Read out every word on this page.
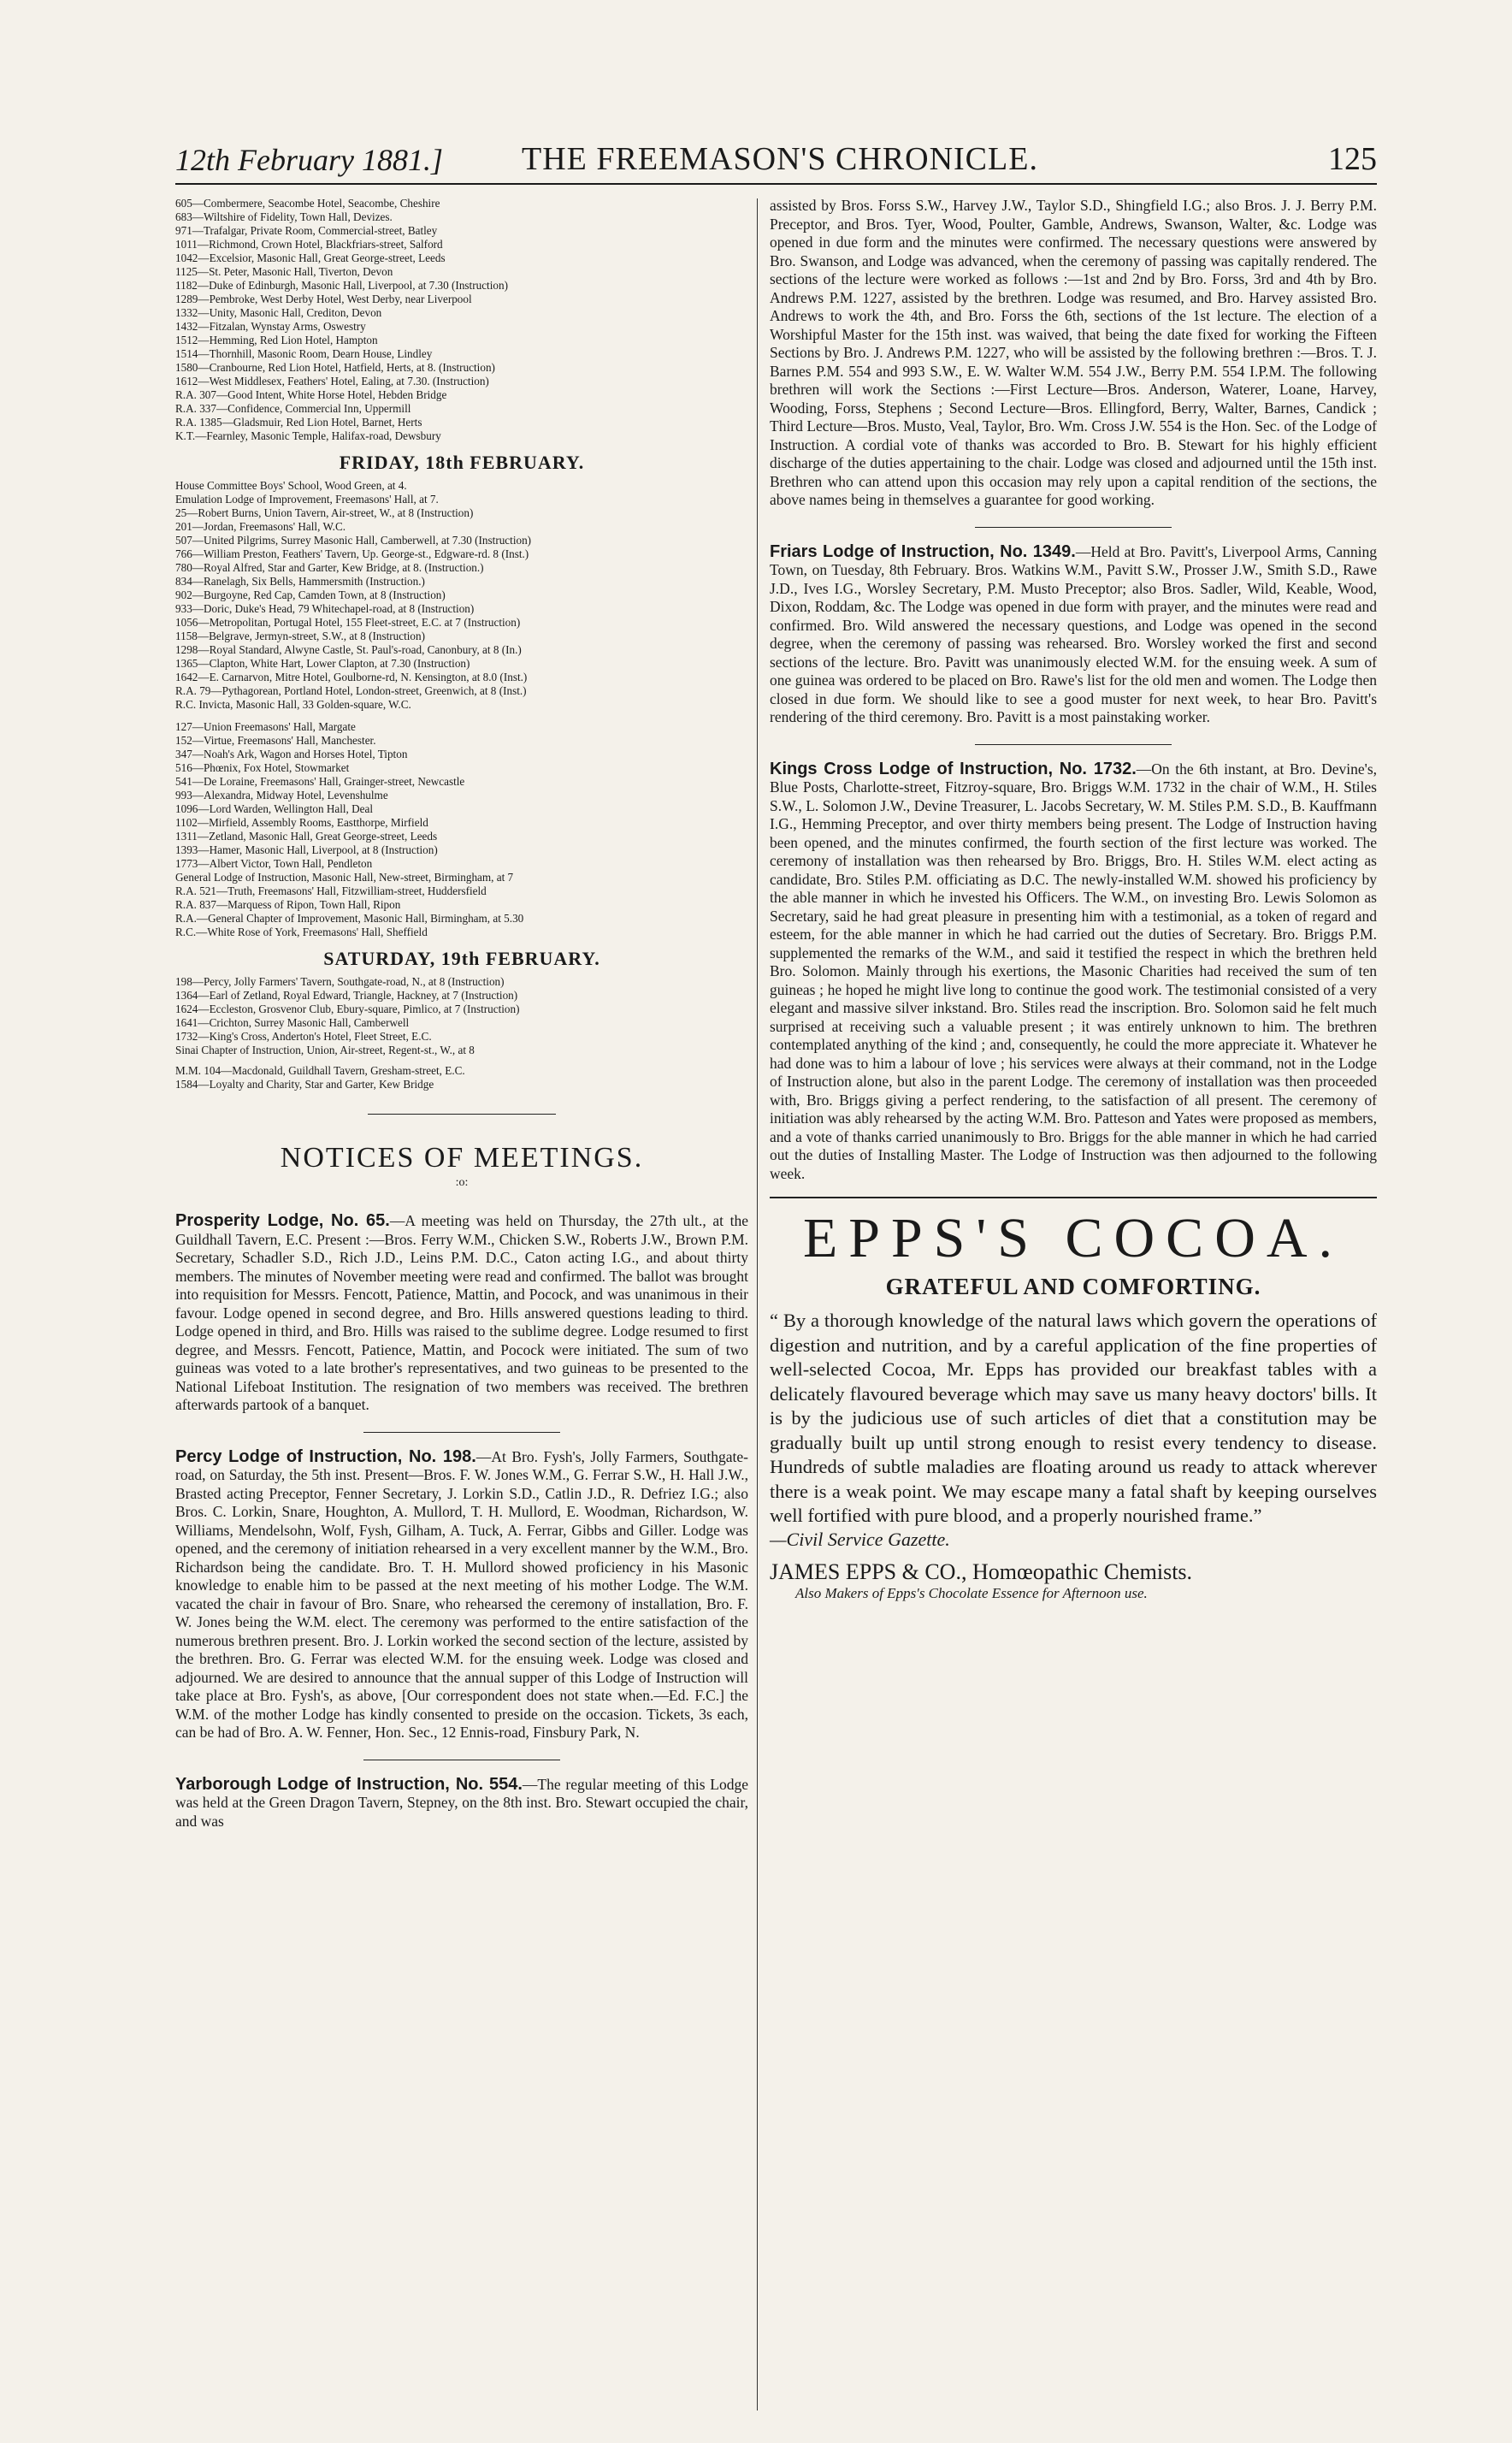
12th February 1881.] THE FREEMASON'S CHRONICLE.	125
605—Combermere, Seacombe Hotel, Seacombe, Cheshire
683—Wiltshire of Fidelity, Town Hall, Devizes.
971—Trafalgar, Private Room, Commercial-street, Batley
1011—Richmond, Crown Hotel, Blackfriars-street, Salford
1042—Excelsior, Masonic Hall, Great George-street, Leeds
1125—St. Peter, Masonic Hall, Tiverton, Devon
1182—Duke of Edinburgh, Masonic Hall, Liverpool, at 7.30 (Instruction)
1289—Pembroke, West Derby Hotel, West Derby, near Liverpool
1332—Unity, Masonic Hall, Crediton, Devon
1432—Fitzalan, Wynstay Arms, Oswestry
1512—Hemming, Red Lion Hotel, Hampton
1514—Thornhill, Masonic Room, Dearn House, Lindley
1580—Cranbourne, Red Lion Hotel, Hatfield, Herts, at 8. (Instruction)
1612—West Middlesex, Feathers' Hotel, Ealing, at 7.30. (Instruction)
R.A. 307—Good Intent, White Horse Hotel, Hebden Bridge
R.A. 337—Confidence, Commercial Inn, Uppermill
R.A. 1385—Gladsmuir, Red Lion Hotel, Barnet, Herts
K.T.—Fearnley, Masonic Temple, Halifax-road, Dewsbury
FRIDAY, 18th FEBRUARY.
House Committee Boys' School, Wood Green, at 4.
Emulation Lodge of Improvement, Freemasons' Hall, at 7.
25—Robert Burns, Union Tavern, Air-street, W., at 8 (Instruction)
201—Jordan, Freemasons' Hall, W.C.
507—United Pilgrims, Surrey Masonic Hall, Camberwell, at 7.30 (Instruction)
766—William Preston, Feathers' Tavern, Up. George-st., Edgware-rd. 8 (Inst.)
780—Royal Alfred, Star and Garter, Kew Bridge, at 8. (Instruction.)
834—Ranelagh, Six Bells, Hammersmith (Instruction.)
902—Burgoyne, Red Cap, Camden Town, at 8 (Instruction)
933—Doric, Duke's Head, 79 Whitechapel-road, at 8 (Instruction)
1056—Metropolitan, Portugal Hotel, 155 Fleet-street, E.C. at 7 (Instruction)
1158—Belgrave, Jermyn-street, S.W., at 8 (Instruction)
1298—Royal Standard, Alwyne Castle, St. Paul's-road, Canonbury, at 8 (In.)
1365—Clapton, White Hart, Lower Clapton, at 7.30 (Instruction)
1642—E. Carnarvon, Mitre Hotel, Goulborne-rd, N. Kensington, at 8.0 (Inst.)
R.A. 79—Pythagorean, Portland Hotel, London-street, Greenwich, at 8 (Inst.)
R.C. Invicta, Masonic Hall, 33 Golden-square, W.C.
127—Union Freemasons' Hall, Margate
152—Virtue, Freemasons' Hall, Manchester.
347—Noah's Ark, Wagon and Horses Hotel, Tipton
516—Phœnix, Fox Hotel, Stowmarket
541—De Loraine, Freemasons' Hall, Grainger-street, Newcastle
993—Alexandra, Midway Hotel, Levenshulme
1096—Lord Warden, Wellington Hall, Deal
1102—Mirfield, Assembly Rooms, Eastthorpe, Mirfield
1311—Zetland, Masonic Hall, Great George-street, Leeds
1393—Hamer, Masonic Hall, Liverpool, at 8 (Instruction)
1773—Albert Victor, Town Hall, Pendleton
General Lodge of Instruction, Masonic Hall, New-street, Birmingham, at 7
R.A. 521—Truth, Freemasons' Hall, Fitzwilliam-street, Huddersfield
R.A. 837—Marquess of Ripon, Town Hall, Ripon
R.A.—General Chapter of Improvement, Masonic Hall, Birmingham, at 5.30
R.C.—White Rose of York, Freemasons' Hall, Sheffield
SATURDAY, 19th FEBRUARY.
198—Percy, Jolly Farmers' Tavern, Southgate-road, N., at 8 (Instruction)
1364—Earl of Zetland, Royal Edward, Triangle, Hackney, at 7 (Instruction)
1624—Eccleston, Grosvenor Club, Ebury-square, Pimlico, at 7 (Instruction)
1641—Crichton, Surrey Masonic Hall, Camberwell
1732—King's Cross, Anderton's Hotel, Fleet Street, E.C.
Sinai Chapter of Instruction, Union, Air-street, Regent-st., W., at 8
M.M. 104—Macdonald, Guildhall Tavern, Gresham-street, E.C.
1584—Loyalty and Charity, Star and Garter, Kew Bridge
NOTICES OF MEETINGS.
:o:

Prosperity Lodge, No. 65.—A meeting was held on Thursday, the 27th ult., at the Guildhall Tavern, E.C. Present :—Bros. Ferry W.M., Chicken S.W., Roberts J.W., Brown P.M. Secretary, Schadler S.D., Rich J.D., Leins P.M. D.C., Caton acting I.G., and about thirty members. The minutes of November meeting were read and confirmed. The ballot was brought into requisition for Messrs. Fencott, Patience, Mattin, and Pocock, and was unanimous in their favour. Lodge opened in second degree, and Bro. Hills answered questions leading to third. Lodge opened in third, and Bro. Hills was raised to the sublime degree. Lodge resumed to first degree, and Messrs. Fencott, Patience, Mattin, and Pocock were initiated. The sum of two guineas was voted to a late brother's representatives, and two guineas to be presented to the National Lifeboat Institution. The resignation of two members was received. The brethren afterwards partook of a banquet.

Percy Lodge of Instruction, No. 198.—At Bro. Fysh's, Jolly Farmers, Southgate-road, on Saturday, the 5th inst. Present—Bros. F. W. Jones W.M., G. Ferrar S.W., H. Hall J.W., Brasted acting Preceptor, Fenner Secretary, J. Lorkin S.D., Catlin J.D., R. Defriez I.G.; also Bros. C. Lorkin, Snare, Houghton, A. Mullord, T. H. Mullord, E. Woodman, Richardson, W. Williams, Mendelsohn, Wolf, Fysh, Gilham, A. Tuck, A. Ferrar, Gibbs and Giller. Lodge was opened, and the ceremony of initiation rehearsed in a very excellent manner by the W.M., Bro. Richardson being the candidate. Bro. T. H. Mullord showed proficiency in his Masonic knowledge to enable him to be passed at the next meeting of his mother Lodge. The W.M. vacated the chair in favour of Bro. Snare, who rehearsed the ceremony of installation, Bro. F. W. Jones being the W.M. elect. The ceremony was performed to the entire satisfaction of the numerous brethren present. Bro. J. Lorkin worked the second section of the lecture, assisted by the brethren. Bro. G. Ferrar was elected W.M. for the ensuing week. Lodge was closed and adjourned. We are desired to announce that the annual supper of this Lodge of Instruction will take place at Bro. Fysh's, as above, [Our correspondent does not state when.—Ed. F.C.] the W.M. of the mother Lodge has kindly consented to preside on the occasion. Tickets, 3s each, can be had of Bro. A. W. Fenner, Hon. Sec., 12 Ennis-road, Finsbury Park, N.

Yarborough Lodge of Instruction, No. 554.—The regular meeting of this Lodge was held at the Green Dragon Tavern, Stepney, on the 8th inst. Bro. Stewart occupied the chair, and was

assisted by Bros. Forss S.W., Harvey J.W., Taylor S.D., Shingfield I.G.; also Bros. J. J. Berry P.M. Preceptor, and Bros. Tyer, Wood, Poulter, Gamble, Andrews, Swanson, Walter, &c. Lodge was opened in due form and the minutes were confirmed. The necessary questions were answered by Bro. Swanson, and Lodge was advanced, when the ceremony of passing was capitally rendered. The sections of the lecture were worked as follows :—1st and 2nd by Bro. Forss, 3rd and 4th by Bro. Andrews P.M. 1227, assisted by the brethren. Lodge was resumed, and Bro. Harvey assisted Bro. Andrews to work the 4th, and Bro. Forss the 6th, sections of the 1st lecture. The election of a Worshipful Master for the 15th inst. was waived, that being the date fixed for working the Fifteen Sections by Bro. J. Andrews P.M. 1227, who will be assisted by the following brethren :—Bros. T. J. Barnes P.M. 554 and 993 S.W., E. W. Walter W.M. 554 J.W., Berry P.M. 554 I.P.M. The following brethren will work the Sections :—First Lecture—Bros. Anderson, Waterer, Loane, Harvey, Wooding, Forss, Stephens ; Second Lecture—Bros. Ellingford, Berry, Walter, Barnes, Candick ; Third Lecture—Bros. Musto, Veal, Taylor, Bro. Wm. Cross J.W. 554 is the Hon. Sec. of the Lodge of Instruction. A cordial vote of thanks was accorded to Bro. B. Stewart for his highly efficient discharge of the duties appertaining to the chair. Lodge was closed and adjourned until the 15th inst. Brethren who can attend upon this occasion may rely upon a capital rendition of the sections, the above names being in themselves a guarantee for good working.

Friars Lodge of Instruction, No. 1349.—Held at Bro. Pavitt's, Liverpool Arms, Canning Town, on Tuesday, 8th February. Bros. Watkins W.M., Pavitt S.W., Prosser J.W., Smith S.D., Rawe J.D., Ives I.G., Worsley Secretary, P.M. Musto Preceptor; also Bros. Sadler, Wild, Keable, Wood, Dixon, Roddam, &c. The Lodge was opened in due form with prayer, and the minutes were read and confirmed. Bro. Wild answered the necessary questions, and Lodge was opened in the second degree, when the ceremony of passing was rehearsed. Bro. Worsley worked the first and second sections of the lecture. Bro. Pavitt was unanimously elected W.M. for the ensuing week. A sum of one guinea was ordered to be placed on Bro. Rawe's list for the old men and women. The Lodge then closed in due form. We should like to see a good muster for next week, to hear Bro. Pavitt's rendering of the third ceremony. Bro. Pavitt is a most painstaking worker.

Kings Cross Lodge of Instruction, No. 1732.—On the 6th instant, at Bro. Devine's, Blue Posts, Charlotte-street, Fitzroy-square, Bro. Briggs W.M. 1732 in the chair of W.M., H. Stiles S.W., L. Solomon J.W., Devine Treasurer, L. Jacobs Secretary, W. M. Stiles P.M. S.D., B. Kauffmann I.G., Hemming Preceptor, and over thirty members being present. The Lodge of Instruction having been opened, and the minutes confirmed, the fourth section of the first lecture was worked. The ceremony of installation was then rehearsed by Bro. Briggs, Bro. H. Stiles W.M. elect acting as candidate, Bro. Stiles P.M. officiating as D.C. The newly-installed W.M. showed his proficiency by the able manner in which he invested his Officers. The W.M., on investing Bro. Lewis Solomon as Secretary, said he had great pleasure in presenting him with a testimonial, as a token of regard and esteem, for the able manner in which he had carried out the duties of Secretary. Bro. Briggs P.M. supplemented the remarks of the W.M., and said it testified the respect in which the brethren held Bro. Solomon. Mainly through his exertions, the Masonic Charities had received the sum of ten guineas ; he hoped he might live long to continue the good work. The testimonial consisted of a very elegant and massive silver inkstand. Bro. Stiles read the inscription. Bro. Solomon said he felt much surprised at receiving such a valuable present ; it was entirely unknown to him. The brethren contemplated anything of the kind ; and, consequently, he could the more appreciate it. Whatever he had done was to him a labour of love ; his services were always at their command, not in the Lodge of Instruction alone, but also in the parent Lodge. The ceremony of installation was then proceeded with, Bro. Briggs giving a perfect rendering, to the satisfaction of all present. The ceremony of initiation was ably rehearsed by the acting W.M. Bro. Patteson and Yates were proposed as members, and a vote of thanks carried unanimously to Bro. Briggs for the able manner in which he had carried out the duties of Installing Master. The Lodge of Instruction was then adjourned to the following week.

EPPS'S COCOA.
GRATEFUL AND COMFORTING.
“ By a thorough knowledge of the natural laws which govern the operations of digestion and nutrition, and by a careful application of the fine properties of well-selected Cocoa, Mr. Epps has provided our breakfast tables with a delicately flavoured beverage which may save us many heavy doctors' bills. It is by the judicious use of such articles of diet that a constitution may be gradually built up until strong enough to resist every tendency to disease. Hundreds of subtle maladies are floating around us ready to attack wherever there is a weak point. We may escape many a fatal shaft by keeping ourselves well fortified with pure blood, and a properly nourished frame.”
—Civil Service Gazette.
JAMES EPPS & CO., Homœopathic Chemists.
Also Makers of Epps's Chocolate Essence for Afternoon use.
